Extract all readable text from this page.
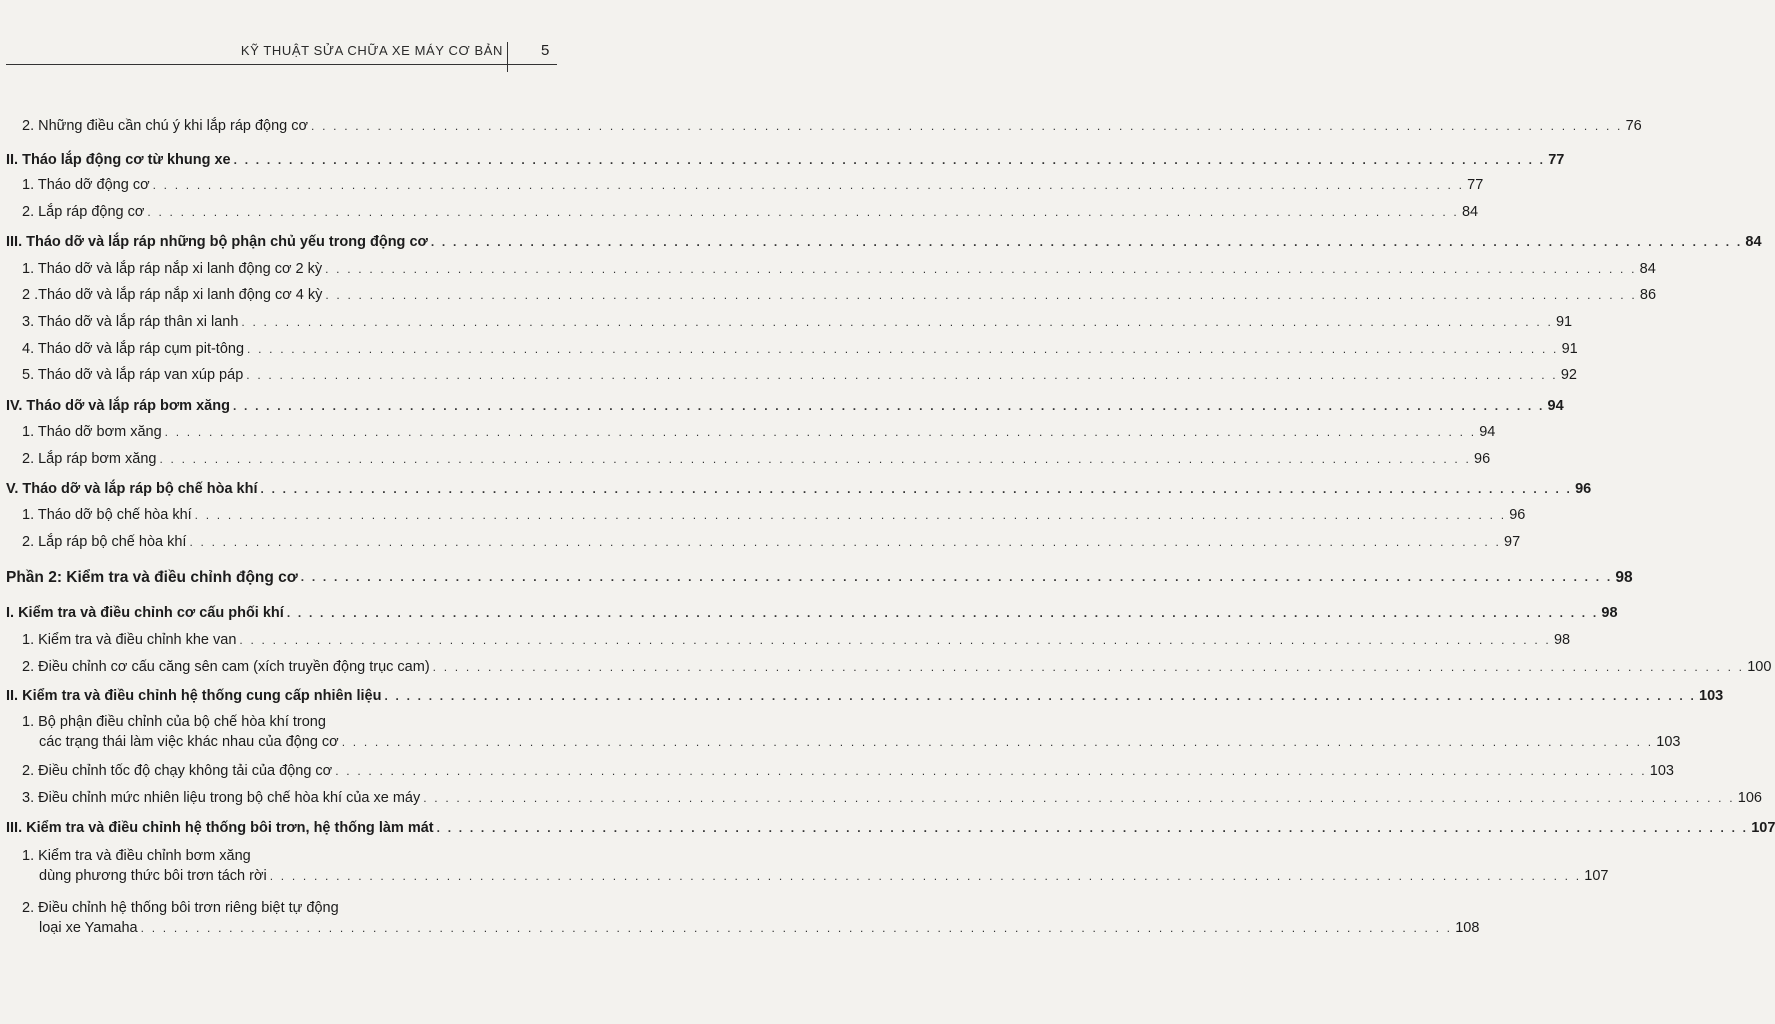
KỸ THUẬT SỬA CHỮA XE MÁY CƠ BẢN	5
2. Những điều cần chú ý khi lắp ráp động cơ . . .	76
II. Tháo lắp động cơ từ khung xe . . .	77
1. Tháo dỡ động cơ . . .	77
2. Lắp ráp động cơ . . .	84
III. Tháo dỡ và lắp ráp những bộ phận chủ yếu trong động cơ . . .	84
1. Tháo dỡ và lắp ráp nắp xi lanh động cơ 2 kỳ . . .	84
2 .Tháo dỡ và lắp ráp nắp xi lanh động cơ 4 kỳ . . .	86
3. Tháo dỡ và lắp ráp thân xi lanh . . .	91
4. Tháo dỡ và lắp ráp cụm pit-tông . . .	91
5. Tháo dỡ và lắp ráp van xúp páp . . .	92
IV. Tháo dỡ và lắp ráp bơm xăng . . .	94
1. Tháo dỡ bơm xăng . . .	94
2. Lắp ráp bơm xăng . . .	96
V. Tháo dỡ và lắp ráp bộ chế hòa khí . . .	96
1. Tháo dỡ bộ chế hòa khí . . .	96
2. Lắp ráp bộ chế hòa khí . . .	97
Phần 2: Kiểm tra và điều chỉnh động cơ . . .	98
I. Kiểm tra và điều chỉnh cơ cấu phối khí . . .	98
1. Kiểm tra và điều chỉnh khe van . . .	98
2. Điều chỉnh cơ cấu căng sên cam (xích truyền động trục cam) . . .	100
II. Kiểm tra và điều chỉnh hệ thống cung cấp nhiên liệu . . .	103
1. Bộ phận điều chỉnh của bộ chế hòa khí trong
các trạng thái làm việc khác nhau của động cơ . . .	103
2. Điều chỉnh tốc độ chạy không tải của động cơ . . .	103
3. Điều chỉnh mức nhiên liệu trong bộ chế hòa khí của xe máy . . .	106
III. Kiểm tra và điều chỉnh hệ thống bôi trơn, hệ thống làm mát . . .	107
1. Kiểm tra và điều chỉnh bơm xăng
dùng phương thức bôi trơn tách rời . . .	107
2. Điều chỉnh hệ thống bôi trơn riêng biệt tự động
loại xe Yamaha . . .	108
